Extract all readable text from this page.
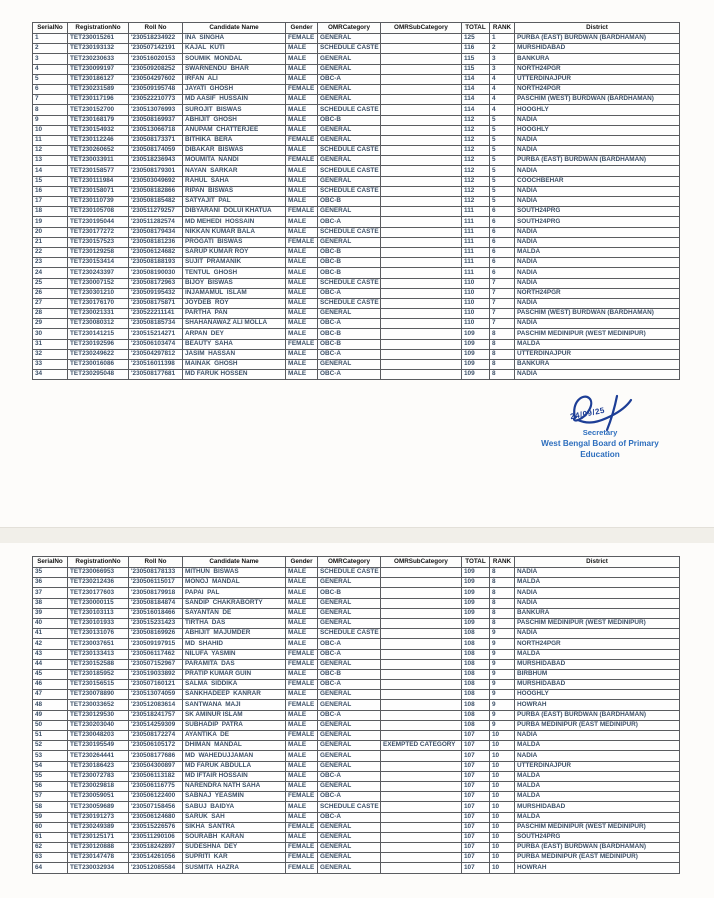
SerialNo	RegistrationNo	Roll No	Candidate Name	Gender	OMRCategory	OMRSubCategory	TOTAL	RANK	District
1	TET230015261	'230518234922	INA  SINGHA	FEMALE	GENERAL		125	1	PURBA (EAST) BURDWAN (BARDHAMAN)
2	TET230193132	'230507142191	KAJAL  KUTI	MALE	SCHEDULE CASTE		116	2	MURSHIDABAD
3	TET230230633	'230516020153	SOUMIK  MONDAL	MALE	GENERAL		115	3	BANKURA
4	TET230099197	'230509208252	SWARNENDU  BHAR	MALE	GENERAL		115	3	NORTH24PGR
5	TET230186127	'230504297602	IRFAN  ALI	MALE	OBC-A		114	4	UTTERDINAJPUR
6	TET230231589	'230509195748	JAYATI  GHOSH	FEMALE	GENERAL		114	4	NORTH24PGR
7	TET230117196	'230522210773	MD AASIF  HUSSAIN	MALE	GENERAL		114	4	PASCHIM (WEST) BURDWAN (BARDHAMAN)
8	TET230152700	'230513076993	SUROJIT  BISWAS	MALE	SCHEDULE CASTE		114	4	HOOGHLY
9	TET230168179	'230508169937	ABHIJIT  GHOSH	MALE	OBC-B		112	5	NADIA
10	TET230154932	'230513066718	ANUPAM  CHATTERJEE	MALE	GENERAL		112	5	HOOGHLY
11	TET230112246	'230508173371	BITHIKA  BERA	FEMALE	GENERAL		112	5	NADIA
12	TET230260652	'230508174059	DIBAKAR  BISWAS	MALE	SCHEDULE CASTE		112	5	NADIA
13	TET230033911	'230518236943	MOUMITA  NANDI	FEMALE	GENERAL		112	5	PURBA (EAST) BURDWAN (BARDHAMAN)
14	TET230158577	'230508179301	NAYAN  SARKAR	MALE	SCHEDULE CASTE		112	5	NADIA
15	TET230111984	'230503049692	RAHUL  SAHA	MALE	GENERAL		112	5	COOCHBEHAR
16	TET230158071	'230508182866	RIPAN  BISWAS	MALE	SCHEDULE CASTE		112	5	NADIA
17	TET230110739	'230508185482	SATYAJIT  PAL	MALE	OBC-B		112	5	NADIA
18	TET230105708	'230511279257	DIBYARANI  DOLUI KHATUA	FEMALE	GENERAL		111	6	SOUTH24PRG
19	TET230195044	'230511282574	MD MEHEDI  HOSSAIN	MALE	OBC-A		111	6	SOUTH24PRG
20	TET230177272	'230508179434	NIKKAN KUMAR BALA	MALE	SCHEDULE CASTE		111	6	NADIA
21	TET230157523	'230508181236	PROGATI  BISWAS	FEMALE	GENERAL		111	6	NADIA
22	TET230129258	'230506124682	SARUP KUMAR ROY	MALE	OBC-B		111	6	MALDA
23	TET230153414	'230508188193	SUJIT  PRAMANIK	MALE	OBC-B		111	6	NADIA
24	TET230243397	'230508190030	TENTUL  GHOSH	MALE	OBC-B		111	6	NADIA
25	TET230007152	'230508172963	BIJOY  BISWAS	MALE	SCHEDULE CASTE		110	7	NADIA
26	TET230301210	'230509195432	INJAMAMUL  ISLAM	MALE	OBC-A		110	7	NORTH24PGR
27	TET230176170	'230508175871	JOYDEB  ROY	MALE	SCHEDULE CASTE		110	7	NADIA
28	TET230021331	'230522211141	PARTHA  PAN	MALE	GENERAL		110	7	PASCHIM (WEST) BURDWAN (BARDHAMAN)
29	TET230080312	'230508185734	SHAHANAWAZ ALI MOLLA	MALE	OBC-A		110	7	NADIA
30	TET230141215	'230515214271	ARPAN  DEY	MALE	OBC-B		109	8	PASCHIM MEDINIPUR (WEST MEDINIPUR)
31	TET230192596	'230506103474	BEAUTY  SAHA	FEMALE	OBC-B		109	8	MALDA
32	TET230249622	'230504297812	JASIM  HASSAN	MALE	OBC-A		109	8	UTTERDINAJPUR
33	TET230016086	'230516011398	MAINAK  GHOSH	MALE	GENERAL		109	8	BANKURA
34	TET230295048	'230508177681	MD FARUK HOSSEN	MALE	OBC-A		109	8	NADIA
24/09/25
Secretary
West Bengal Board of Primary
Education
SerialNo	RegistrationNo	Roll No	Candidate Name	Gender	OMRCategory	OMRSubCategory	TOTAL	RANK	District
35	TET230066953	'230508178133	MITHUN  BISWAS	MALE	SCHEDULE CASTE		109	8	NADIA
36	TET230212436	'230506115017	MONOJ  MANDAL	MALE	GENERAL		109	8	MALDA
37	TET230177603	'230508179918	PAPAI  PAL	MALE	OBC-B		109	8	NADIA
38	TET230000115	'230508184874	SANDIP  CHAKRABORTY	MALE	GENERAL		109	8	NADIA
39	TET230103113	'230516018466	SAYANTAN  DE	MALE	GENERAL		109	8	BANKURA
40	TET230101933	'230515231423	TIRTHA  DAS	MALE	GENERAL		109	8	PASCHIM MEDINIPUR (WEST MEDINIPUR)
41	TET230131076	'230508169926	ABHIJIT  MAJUMDER	MALE	SCHEDULE CASTE		108	9	NADIA
42	TET230037651	'230509197915	MD  SHAHID	MALE	OBC-A		108	9	NORTH24PGR
43	TET230133413	'230506117462	NILUFA  YASMIN	FEMALE	OBC-A		108	9	MALDA
44	TET230152588	'230507152967	PARAMITA  DAS	FEMALE	GENERAL		108	9	MURSHIDABAD
45	TET230185952	'230519033892	PRATIP KUMAR GUIN	MALE	OBC-B		108	9	BIRBHUM
46	TET230156515	'230507160121	SALMA  SIDDIKA	FEMALE	OBC-A		108	9	MURSHIDABAD
47	TET230078890	'230513074059	SANKHADEEP  KANRAR	MALE	GENERAL		108	9	HOOGHLY
48	TET230033652	'230512083614	SANTWANA  MAJI	FEMALE	GENERAL		108	9	HOWRAH
49	TET230129530	'230518241757	SK AMINUR ISLAM	MALE	OBC-A		108	9	PURBA (EAST) BURDWAN (BARDHAMAN)
50	TET230203040	'230514259309	SUBHADIP  PATRA	MALE	GENERAL		108	9	PURBA MEDINIPUR (EAST MEDINIPUR)
51	TET230048203	'230508172274	AYANTIKA  DE	FEMALE	GENERAL		107	10	NADIA
52	TET230195549	'230506105172	DHIMAN  MANDAL	MALE	GENERAL	EXEMPTED CATEGORY	107	10	MALDA
53	TET230264441	'230508177686	MD  WAHEDUJJAMAN	MALE	GENERAL		107	10	NADIA
54	TET230186423	'230504300897	MD FARUK ABDULLA	MALE	GENERAL		107	10	UTTERDINAJPUR
55	TET230072783	'230506113182	MD IFTAIR HOSSAIN	MALE	OBC-A		107	10	MALDA
56	TET230029818	'230506116775	NARENDRA NATH SAHA	MALE	GENERAL		107	10	MALDA
57	TET230059051	'230506122400	SABNAJ  YEASMIN	FEMALE	OBC-A		107	10	MALDA
58	TET230059689	'230507158456	SABUJ  BAIDYA	MALE	SCHEDULE CASTE		107	10	MURSHIDABAD
59	TET230191273	'230506124680	SARUK  SAH	MALE	OBC-A		107	10	MALDA
60	TET230249389	'230515226576	SIKHA  SANTRA	FEMALE	GENERAL		107	10	PASCHIM MEDINIPUR (WEST MEDINIPUR)
61	TET230125171	'230511290106	SOURABH  KARAN	MALE	GENERAL		107	10	SOUTH24PRG
62	TET230120888	'230518242897	SUDESHNA  DEY	FEMALE	GENERAL		107	10	PURBA (EAST) BURDWAN (BARDHAMAN)
63	TET230147478	'230514261056	SUPRITI  KAR	FEMALE	GENERAL		107	10	PURBA MEDINIPUR (EAST MEDINIPUR)
64	TET230032934	'230512085584	SUSMITA  HAZRA	FEMALE	GENERAL		107	10	HOWRAH
